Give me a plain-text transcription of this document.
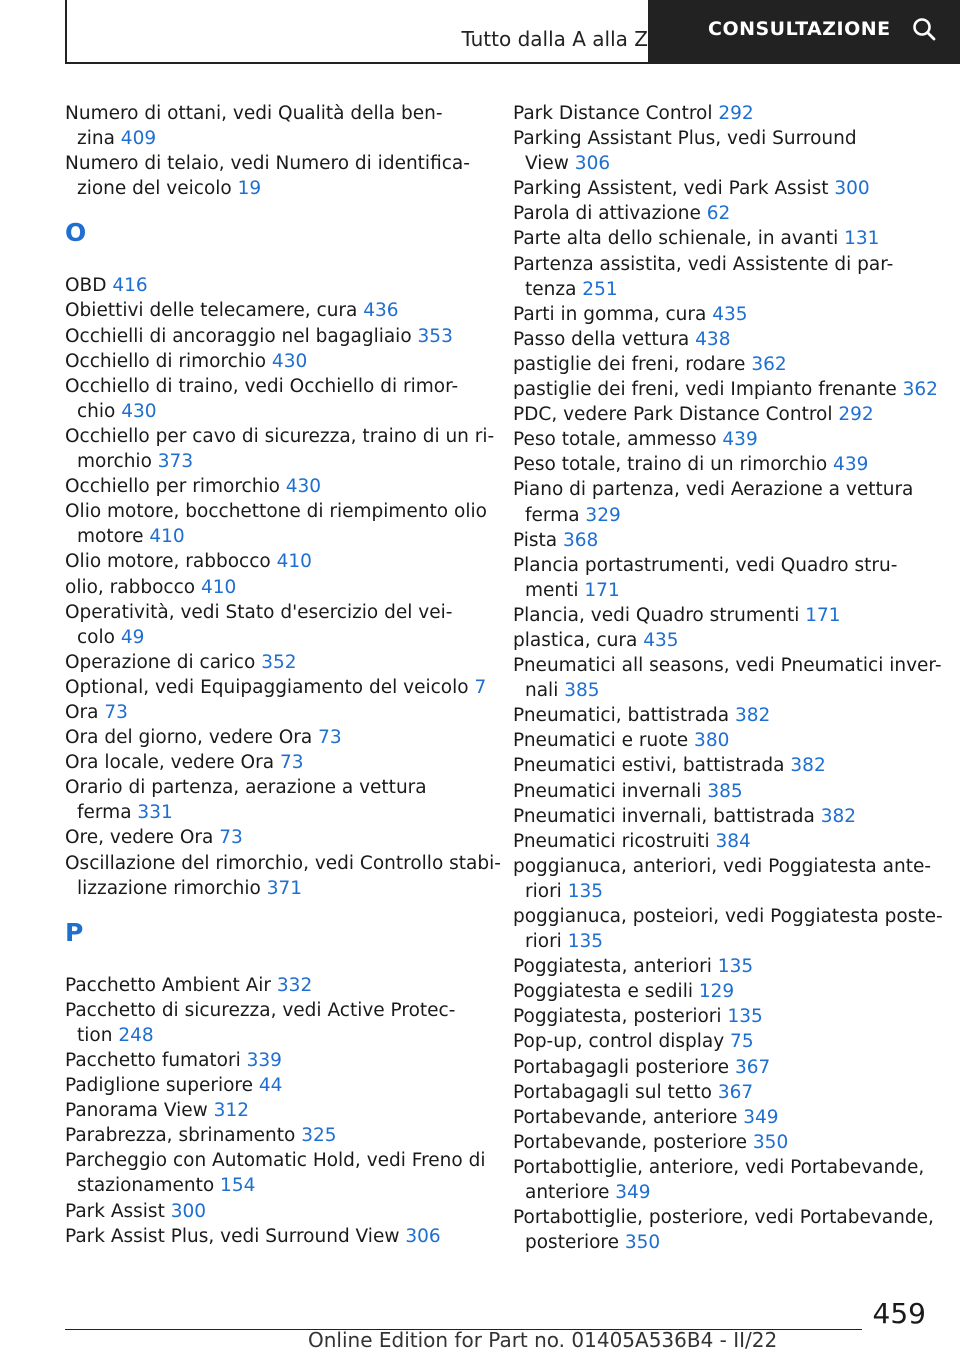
Tutto dalla A alla Z	CONSULTAZIONE
Numero di ottani, vedi Qualità della ben-
zina 409
Numero di telaio, vedi Numero di identifica-
zione del veicolo 19
O
OBD 416
Obiettivi delle telecamere, cura 436
Occhielli di ancoraggio nel bagagliaio 353
Occhiello di rimorchio 430
Occhiello di traino, vedi Occhiello di rimor-
chio 430
Occhiello per cavo di sicurezza, traino di un ri-
morchio 373
Occhiello per rimorchio 430
Olio motore, bocchettone di riempimento olio
motore 410
Olio motore, rabbocco 410
olio, rabbocco 410
Operatività, vedi Stato d'esercizio del vei-
colo 49
Operazione di carico 352
Optional, vedi Equipaggiamento del veicolo 7
Ora 73
Ora del giorno, vedere Ora 73
Ora locale, vedere Ora 73
Orario di partenza, aerazione a vettura
ferma 331
Ore, vedere Ora 73
Oscillazione del rimorchio, vedi Controllo stabi-
lizzazione rimorchio 371
P
Pacchetto Ambient Air 332
Pacchetto di sicurezza, vedi Active Protec-
tion 248
Pacchetto fumatori 339
Padiglione superiore 44
Panorama View 312
Parabrezza, sbrinamento 325
Parcheggio con Automatic Hold, vedi Freno di
stazionamento 154
Park Assist 300
Park Assist Plus, vedi Surround View 306
Park Distance Control 292
Parking Assistant Plus, vedi Surround
View 306
Parking Assistent, vedi Park Assist 300
Parola di attivazione 62
Parte alta dello schienale, in avanti 131
Partenza assistita, vedi Assistente di par-
tenza 251
Parti in gomma, cura 435
Passo della vettura 438
pastiglie dei freni, rodare 362
pastiglie dei freni, vedi Impianto frenante 362
PDC, vedere Park Distance Control 292
Peso totale, ammesso 439
Peso totale, traino di un rimorchio 439
Piano di partenza, vedi Aerazione a vettura
ferma 329
Pista 368
Plancia portastrumenti, vedi Quadro stru-
menti 171
Plancia, vedi Quadro strumenti 171
plastica, cura 435
Pneumatici all seasons, vedi Pneumatici inver-
nali 385
Pneumatici, battistrada 382
Pneumatici e ruote 380
Pneumatici estivi, battistrada 382
Pneumatici invernali 385
Pneumatici invernali, battistrada 382
Pneumatici ricostruiti 384
poggianuca, anteriori, vedi Poggiatesta ante-
riori 135
poggianuca, posteiori, vedi Poggiatesta poste-
riori 135
Poggiatesta, anteriori 135
Poggiatesta e sedili 129
Poggiatesta, posteriori 135
Pop-up, control display 75
Portabagagli posteriore 367
Portabagagli sul tetto 367
Portabevande, anteriore 349
Portabevande, posteriore 350
Portabottiglie, anteriore, vedi Portabevande,
anteriore 349
Portabottiglie, posteriore, vedi Portabevande,
posteriore 350
459
Online Edition for Part no. 01405A536B4 - II/22
